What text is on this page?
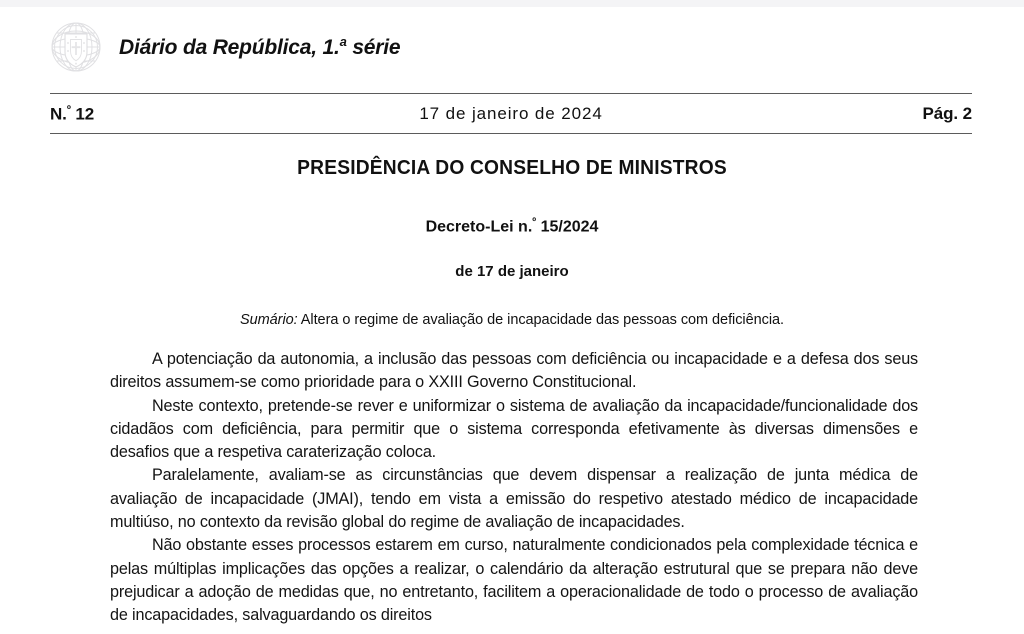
Diário da República, 1.$^a$ série
N.$^º$ 12	17 de janeiro de 2024	Pág. 2
PRESIDÊNCIA DO CONSELHO DE MINISTROS
Decreto-Lei n.$^º$ 15/2024
de 17 de janeiro
Sumário: Altera o regime de avaliação de incapacidade das pessoas com deficiência.

A potenciação da autonomia, a inclusão das pessoas com deficiência ou incapacidade e a defesa dos seus direitos assumem-se como prioridade para o XXIII Governo Constitucional.

Neste contexto, pretende-se rever e uniformizar o sistema de avaliação da incapacidade/funcionalidade dos cidadãos com deficiência, para permitir que o sistema corresponda efetivamente às diversas dimensões e desafios que a respetiva caraterização coloca.

Paralelamente, avaliam-se as circunstâncias que devem dispensar a realização de junta médica de avaliação de incapacidade (JMAI), tendo em vista a emissão do respetivo atestado médico de incapacidade multiúso, no contexto da revisão global do regime de avaliação de incapacidades.

Não obstante esses processos estarem em curso, naturalmente condicionados pela complexidade técnica e pelas múltiplas implicações das opções a realizar, o calendário da alteração estrutural que se prepara não deve prejudicar a adoção de medidas que, no entretanto, facilitem a operacionalidade de todo o processo de avaliação de incapacidades, salvaguardando os direitos
